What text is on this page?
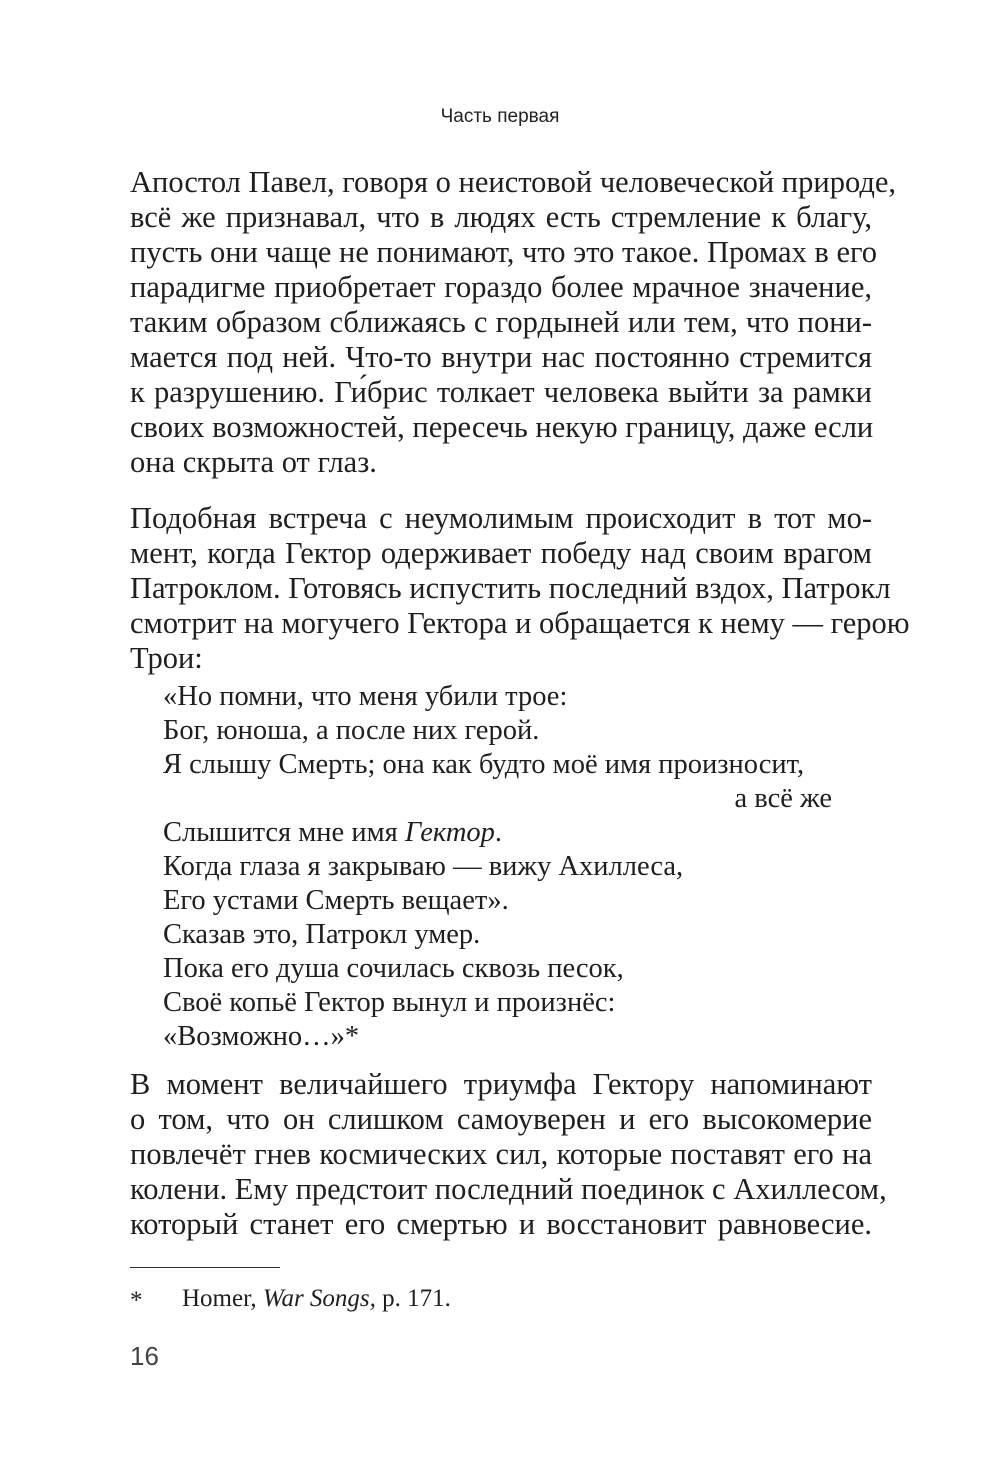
Часть первая
Апостол Павел, говоря о неистовой человеческой природе,
всё же признавал, что в людях есть стремление к благу,
пусть они чаще не понимают, что это такое. Промах в его
парадигме приобретает гораздо более мрачное значение,
таким образом сближаясь с гордыней или тем, что пони-
мается под ней. Что-то внутри нас постоянно стремится
к разрушению. Ги́брис толкает человека выйти за рамки
своих возможностей, пересечь некую границу, даже если
она скрыта от глаз.
Подобная встреча с неумолимым происходит в тот мо-
мент, когда Гектор одерживает победу над своим врагом
Патроклом. Готовясь испустить последний вздох, Патрокл
смотрит на могучего Гектора и обращается к нему — герою
Трои:
«Но помни, что меня убили трое:
Бог, юноша, а после них герой.
Я слышу Смерть; она как будто моё имя произносит,
а всё же
Слышится мне имя Гектор.
Когда глаза я закрываю — вижу Ахиллеса,
Его устами Смерть вещает».
Сказав это, Патрокл умер.
Пока его душа сочилась сквозь песок,
Своё копьё Гектор вынул и произнёс:
«Возможно…»*
В момент величайшего триумфа Гектору напоминают
о том, что он слишком самоуверен и его высокомерие
повлечёт гнев космических сил, которые поставят его на
колени. Ему предстоит последний поединок с Ахиллесом,
который станет его смертью и восстановит равновесие.
* Homer, War Songs, p. 171.
16
